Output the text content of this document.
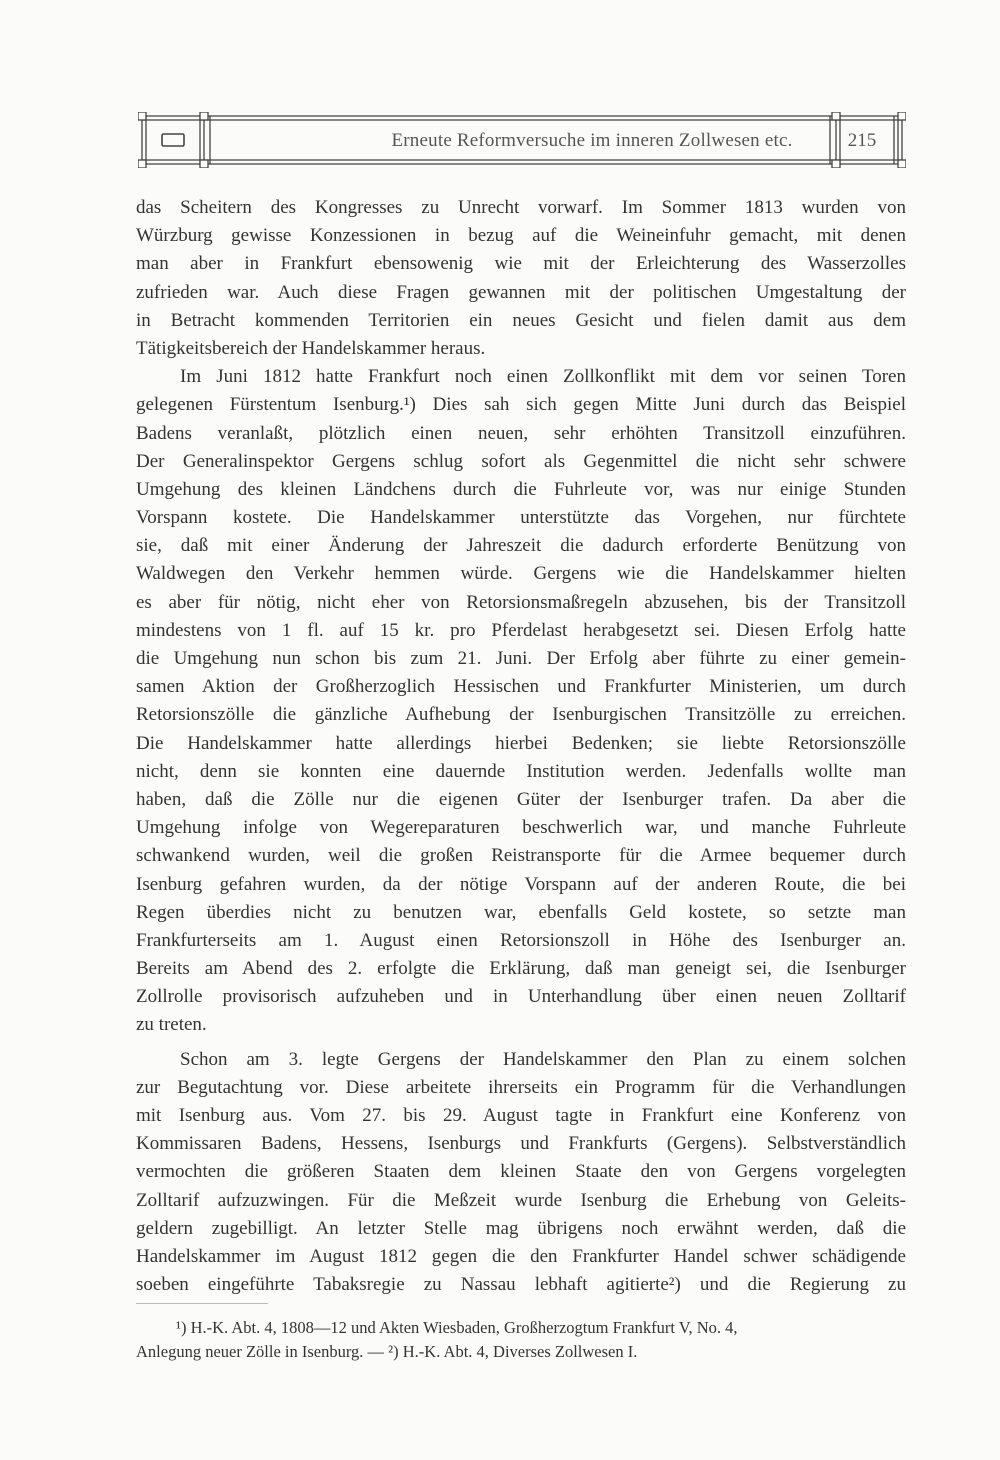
Erneute Reformversuche im inneren Zollwesen etc.	215
das Scheitern des Kongresses zu Unrecht vorwarf. Im Sommer 1813 wurden von
Würzburg gewisse Konzessionen in bezug auf die Weineinfuhr gemacht, mit denen
man aber in Frankfurt ebensowenig wie mit der Erleichterung des Wasserzolles
zufrieden war. Auch diese Fragen gewannen mit der politischen Umgestaltung der
in Betracht kommenden Territorien ein neues Gesicht und fielen damit aus dem
Tätigkeitsbereich der Handelskammer heraus.
Im Juni 1812 hatte Frankfurt noch einen Zollkonflikt mit dem vor seinen Toren
gelegenen Fürstentum Isenburg.¹) Dies sah sich gegen Mitte Juni durch das Beispiel
Badens veranlaßt, plötzlich einen neuen, sehr erhöhten Transitzoll einzuführen.
Der Generalinspektor Gergens schlug sofort als Gegenmittel die nicht sehr schwere
Umgehung des kleinen Ländchens durch die Fuhrleute vor, was nur einige Stunden
Vorspann kostete. Die Handelskammer unterstützte das Vorgehen, nur fürchtete
sie, daß mit einer Änderung der Jahreszeit die dadurch erforderte Benützung von
Waldwegen den Verkehr hemmen würde. Gergens wie die Handelskammer hielten
es aber für nötig, nicht eher von Retorsionsmaßregeln abzusehen, bis der Transitzoll
mindestens von 1 fl. auf 15 kr. pro Pferdelast herabgesetzt sei. Diesen Erfolg hatte
die Umgehung nun schon bis zum 21. Juni. Der Erfolg aber führte zu einer gemein-
samen Aktion der Großherzoglich Hessischen und Frankfurter Ministerien, um durch
Retorsionszölle die gänzliche Aufhebung der Isenburgischen Transitzölle zu erreichen.
Die Handelskammer hatte allerdings hierbei Bedenken; sie liebte Retorsionszölle
nicht, denn sie konnten eine dauernde Institution werden. Jedenfalls wollte man
haben, daß die Zölle nur die eigenen Güter der Isenburger trafen. Da aber die
Umgehung infolge von Wegereparaturen beschwerlich war, und manche Fuhrleute
schwankend wurden, weil die großen Reistransporte für die Armee bequemer durch
Isenburg gefahren wurden, da der nötige Vorspann auf der anderen Route, die bei
Regen überdies nicht zu benutzen war, ebenfalls Geld kostete, so setzte man
Frankfurterseits am 1. August einen Retorsionszoll in Höhe des Isenburger an.
Bereits am Abend des 2. erfolgte die Erklärung, daß man geneigt sei, die Isenburger
Zollrolle provisorisch aufzuheben und in Unterhandlung über einen neuen Zolltarif
zu treten.
Schon am 3. legte Gergens der Handelskammer den Plan zu einem solchen
zur Begutachtung vor. Diese arbeitete ihrerseits ein Programm für die Verhandlungen
mit Isenburg aus. Vom 27. bis 29. August tagte in Frankfurt eine Konferenz von
Kommissaren Badens, Hessens, Isenburgs und Frankfurts (Gergens). Selbstverständlich
vermochten die größeren Staaten dem kleinen Staate den von Gergens vorgelegten
Zolltarif aufzuzwingen. Für die Meßzeit wurde Isenburg die Erhebung von Geleits-
geldern zugebilligt. An letzter Stelle mag übrigens noch erwähnt werden, daß die
Handelskammer im August 1812 gegen die den Frankfurter Handel schwer schädigende
soeben eingeführte Tabaksregie zu Nassau lebhaft agitierte²) und die Regierung zu
¹) H.-K. Abt. 4, 1808—12 und Akten Wiesbaden, Großherzogtum Frankfurt V, No. 4,
Anlegung neuer Zölle in Isenburg. — ²) H.-K. Abt. 4, Diverses Zollwesen I.
